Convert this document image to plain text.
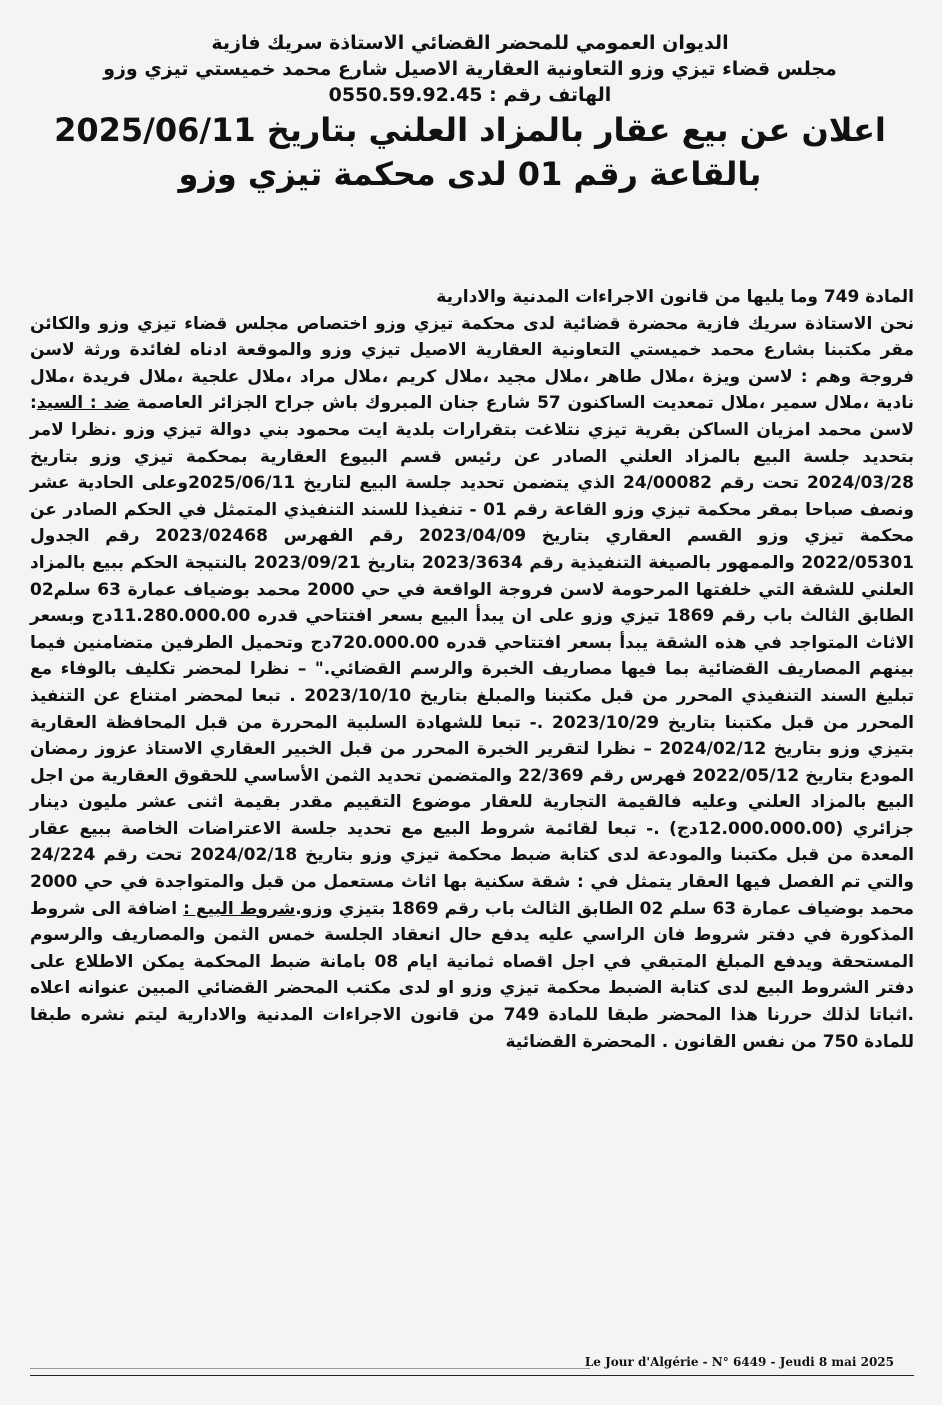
الديوان العمومي للمحضر القضائي الاستاذة سريك فازية

مجلس قضاء تيزي وزو التعاونية العقارية الاصيل شارع محمد خميستي تيزي وزو

الهاتف رقم : 0550.59.92.45

اعلان عن بيع عقار بالمزاد العلني بتاريخ 2025/06/11

بالقاعة رقم 01 لدى محكمة تيزي وزو

المادة 749 وما يليها من قانون الاجراءات المدنية والادارية

نحن الاستاذة سريك فازية محضرة قضائية لدى محكمة تيزي وزو اختصاص مجلس قضاء تيزي وزو والكائن مقر مكتبنا بشارع محمد خميستي التعاونية العقارية الاصيل تيزي وزو والموقعة ادناه لفائدة ورثة لاسن فروجة وهم : لاسن ويزة ،ملال طاهر ،ملال مجيد ،ملال كريم ،ملال مراد ،ملال علجية ،ملال فريدة ،ملال نادية ،ملال سمير ،ملال تمعديت الساكنون 57 شارع جنان المبروك باش جراح الجزائر العاصمة ضد : السيد: لاسن محمد امزيان الساكن بقرية تيزي نتلاغت بتقرارات بلدية ايت محمود بني دوالة تيزي وزو .نظرا لامر بتحديد جلسة البيع بالمزاد العلني الصادر عن رئيس قسم البيوع العقارية بمحكمة تيزي وزو بتاريخ 2024/03/28 تحت رقم 24/00082 الذي يتضمن تحديد جلسة البيع لتاريخ 2025/06/11وعلى الحادية عشر ونصف صباحا بمقر محكمة تيزي وزو القاعة رقم 01 - تنفيذا للسند التنفيذي المتمثل في الحكم الصادر عن محكمة تيزي وزو القسم العقاري بتاريخ 2023/04/09 رقم الفهرس 2023/02468 رقم الجدول 2022/05301 والممهور بالصيغة التنفيذية رقم 2023/3634 بتاريخ 2023/09/21 بالنتيجة الحكم ببيع بالمزاد العلني للشقة التي خلفتها المرحومة لاسن فروجة الواقعة في حي 2000 محمد بوضياف عمارة 63 سلم02 الطابق الثالث باب رقم 1869 تيزي وزو على ان يبدأ البيع بسعر افتتاحي قدره 11.280.000.00دج وبسعر الاثاث المتواجد في هذه الشقة يبدأ بسعر افتتاحي قدره 720.000.00دج وتحميل الطرفين متضامنين فيما بينهم المصاريف القضائية بما فيها مصاريف الخبرة والرسم القضائي." – نظرا لمحضر تكليف بالوفاء مع تبليغ السند التنفيذي المحرر من قبل مكتبنا والمبلغ بتاريخ 2023/10/10 . تبعا لمحضر امتناع عن التنفيذ المحرر من قبل مكتبنا بتاريخ 2023/10/29 .- تبعا للشهادة السلبية المحررة من قبل المحافظة العقارية بتيزي وزو بتاريخ 2024/02/12 – نظرا لتقرير الخبرة المحرر من قبل الخبير العقاري الاستاذ عزوز رمضان المودع بتاريخ 2022/05/12 فهرس رقم 22/369 والمتضمن تحديد الثمن الأساسي للحقوق العقارية من اجل البيع بالمزاد العلني وعليه فالقيمة التجارية للعقار موضوع التقييم مقدر بقيمة اثنى عشر مليون دينار جزائري (12.000.000.00دج) .- تبعا لقائمة شروط البيع مع تحديد جلسة الاعتراضات الخاصة ببيع عقار المعدة من قبل مكتبنا والمودعة لدى كتابة ضبط محكمة تيزي وزو بتاريخ 2024/02/18 تحت رقم 24/224 والتي تم الفصل فيها العقار يتمثل في : شقة سكنية بها اثاث مستعمل من قبل والمتواجدة في حي 2000 محمد بوضياف عمارة 63 سلم 02 الطابق الثالث باب رقم 1869 بتيزي وزو.شروط البيع : اضافة الى شروط المذكورة في دفتر شروط فان الراسي عليه يدفع حال انعقاد الجلسة خمس الثمن والمصاريف والرسوم المستحقة ويدفع المبلغ المتبقي في اجل اقصاه ثمانية ايام 08 بامانة ضبط المحكمة يمكن الاطلاع على دفتر الشروط البيع لدى كتابة الضبط محكمة تيزي وزو او لدى مكتب المحضر القضائي المبين عنوانه اعلاه .اثباتا لذلك حررنا هذا المحضر طبقا للمادة 749 من قانون الاجراءات المدنية والادارية ليتم نشره طبقا للمادة 750 من نفس القانون . المحضرة القضائية

Le Jour d'Algérie - N° 6449 - Jeudi 8 mai 2025
